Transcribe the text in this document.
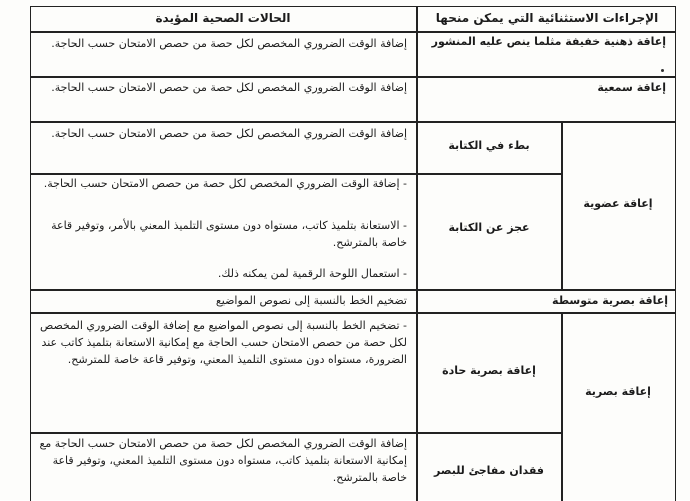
الإجراءات الاستثنائية التي يمكن منحها
الحالات الصحية المؤيدة
إعاقة ذهنية خفيفة مثلما ينص عليه المنشور
إضافة الوقت الضروري المخصص لكل حصة من حصص الامتحان حسب الحاجة.
إعاقة سمعية
إضافة الوقت الضروري المخصص لكل حصة من حصص الامتحان حسب الحاجة.
إعاقة عضوية
بطء في الكتابة
إضافة الوقت الضروري المخصص لكل حصة من حصص الامتحان حسب الحاجة.
عجز عن الكتابة
- إضافة الوقت الضروري المخصص لكل حصة من حصص الامتحان حسب الحاجة.
- الاستعانة بتلميذ كاتب، مستواه دون مستوى التلميذ المعني بالأمر، وتوفير قاعة خاصة بالمترشح.
- استعمال اللوحة الرقمية لمن يمكنه ذلك.
إعاقة بصرية متوسطة
تضخيم الخط بالنسبة إلى نصوص المواضيع
إعاقة بصرية
إعاقة بصرية حادة
- تضخيم الخط بالنسبة إلى نصوص المواضيع مع إضافة الوقت الضروري المخصص لكل حصة من حصص الامتحان حسب الحاجة مع إمكانية الاستعانة بتلميذ كاتب عند الضرورة، مستواه دون مستوى التلميذ المعني، وتوفير قاعة خاصة للمترشح.
فقدان مفاجئ للبصر
إضافة الوقت الضروري المخصص لكل حصة من حصص الامتحان حسب الحاجة مع إمكانية الاستعانة بتلميذ كاتب، مستواه دون مستوى التلميذ المعني، وتوفير قاعة خاصة بالمترشح.
